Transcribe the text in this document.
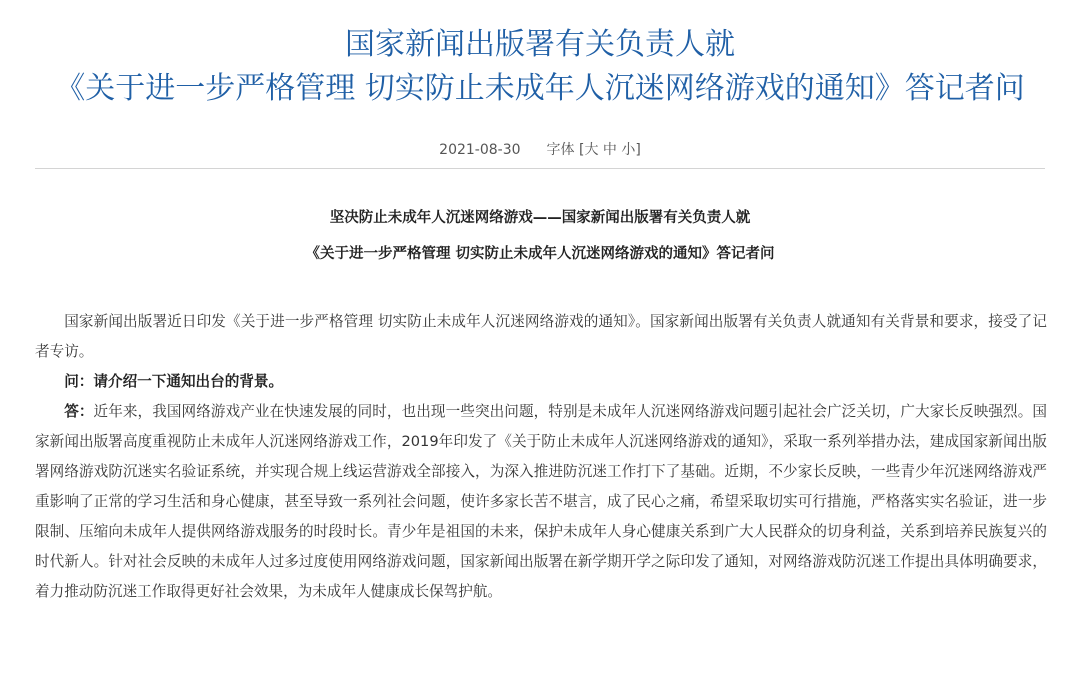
国家新闻出版署有关负责人就
《关于进一步严格管理 切实防止未成年人沉迷网络游戏的通知》答记者问
2021-08-30 字体 [大 中 小]
坚决防止未成年人沉迷网络游戏——国家新闻出版署有关负责人就
《关于进一步严格管理 切实防止未成年人沉迷网络游戏的通知》答记者问

国家新闻出版署近日印发《关于进一步严格管理 切实防止未成年人沉迷网络游戏的通知》。国家新闻出版署有关负责人就通知有关背景和要求，接受了记者专访。

问：请介绍一下通知出台的背景。

答：近年来，我国网络游戏产业在快速发展的同时，也出现一些突出问题，特别是未成年人沉迷网络游戏问题引起社会广泛关切，广大家长反映强烈。国家新闻出版署高度重视防止未成年人沉迷网络游戏工作，2019年印发了《关于防止未成年人沉迷网络游戏的通知》，采取一系列举措办法，建成国家新闻出版署网络游戏防沉迷实名验证系统，并实现合规上线运营游戏全部接入，为深入推进防沉迷工作打下了基础。近期，不少家长反映，一些青少年沉迷网络游戏严重影响了正常的学习生活和身心健康，甚至导致一系列社会问题，使许多家长苦不堪言，成了民心之痛，希望采取切实可行措施，严格落实实名验证，进一步限制、压缩向未成年人提供网络游戏服务的时段时长。青少年是祖国的未来，保护未成年人身心健康关系到广大人民群众的切身利益，关系到培养民族复兴的时代新人。针对社会反映的未成年人过多过度使用网络游戏问题，国家新闻出版署在新学期开学之际印发了通知，对网络游戏防沉迷工作提出具体明确要求，着力推动防沉迷工作取得更好社会效果，为未成年人健康成长保驾护航。
